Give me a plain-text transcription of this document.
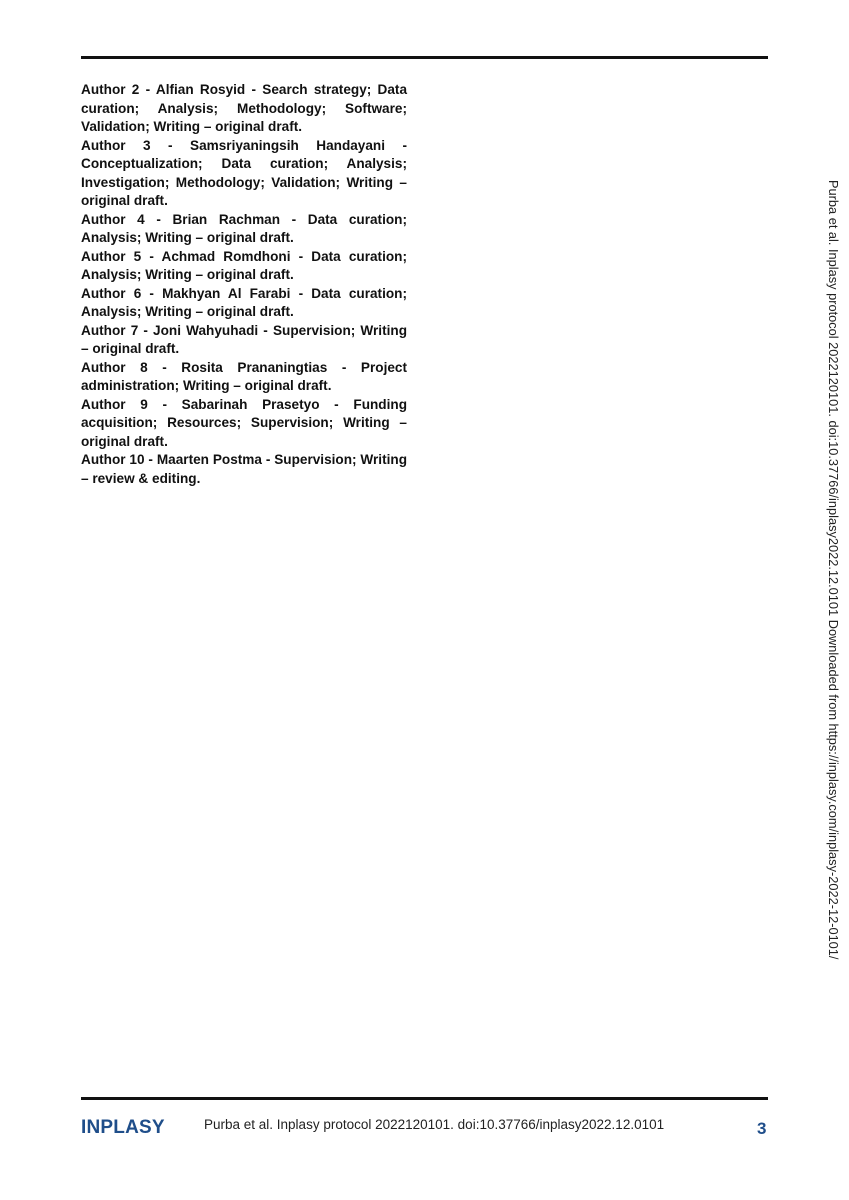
Author 2 - Alfian Rosyid - Search strategy; Data curation; Analysis; Methodology; Software; Validation; Writing – original draft.
Author 3 - Samsriyaningsih Handayani - Conceptualization; Data curation; Analysis; Investigation; Methodology; Validation; Writing – original draft.
Author 4 - Brian Rachman - Data curation; Analysis; Writing – original draft.
Author 5 - Achmad Romdhoni - Data curation; Analysis; Writing – original draft.
Author 6 - Makhyan Al Farabi - Data curation; Analysis; Writing – original draft.
Author 7 - Joni Wahyuhadi - Supervision; Writing – original draft.
Author 8 - Rosita Prananingtias - Project administration; Writing – original draft.
Author 9 - Sabarinah Prasetyo - Funding acquisition; Resources; Supervision; Writing – original draft.
Author 10 - Maarten Postma - Supervision; Writing – review & editing.	Purba et al. Inplasy protocol 2022120101. doi:10.37766/inplasy2022.12.0101 Downloaded from https://inplasy.com/inplasy-2022-12-0101/
INPLASY	Purba et al. Inplasy protocol 2022120101. doi:10.37766/inplasy2022.12.0101	3
